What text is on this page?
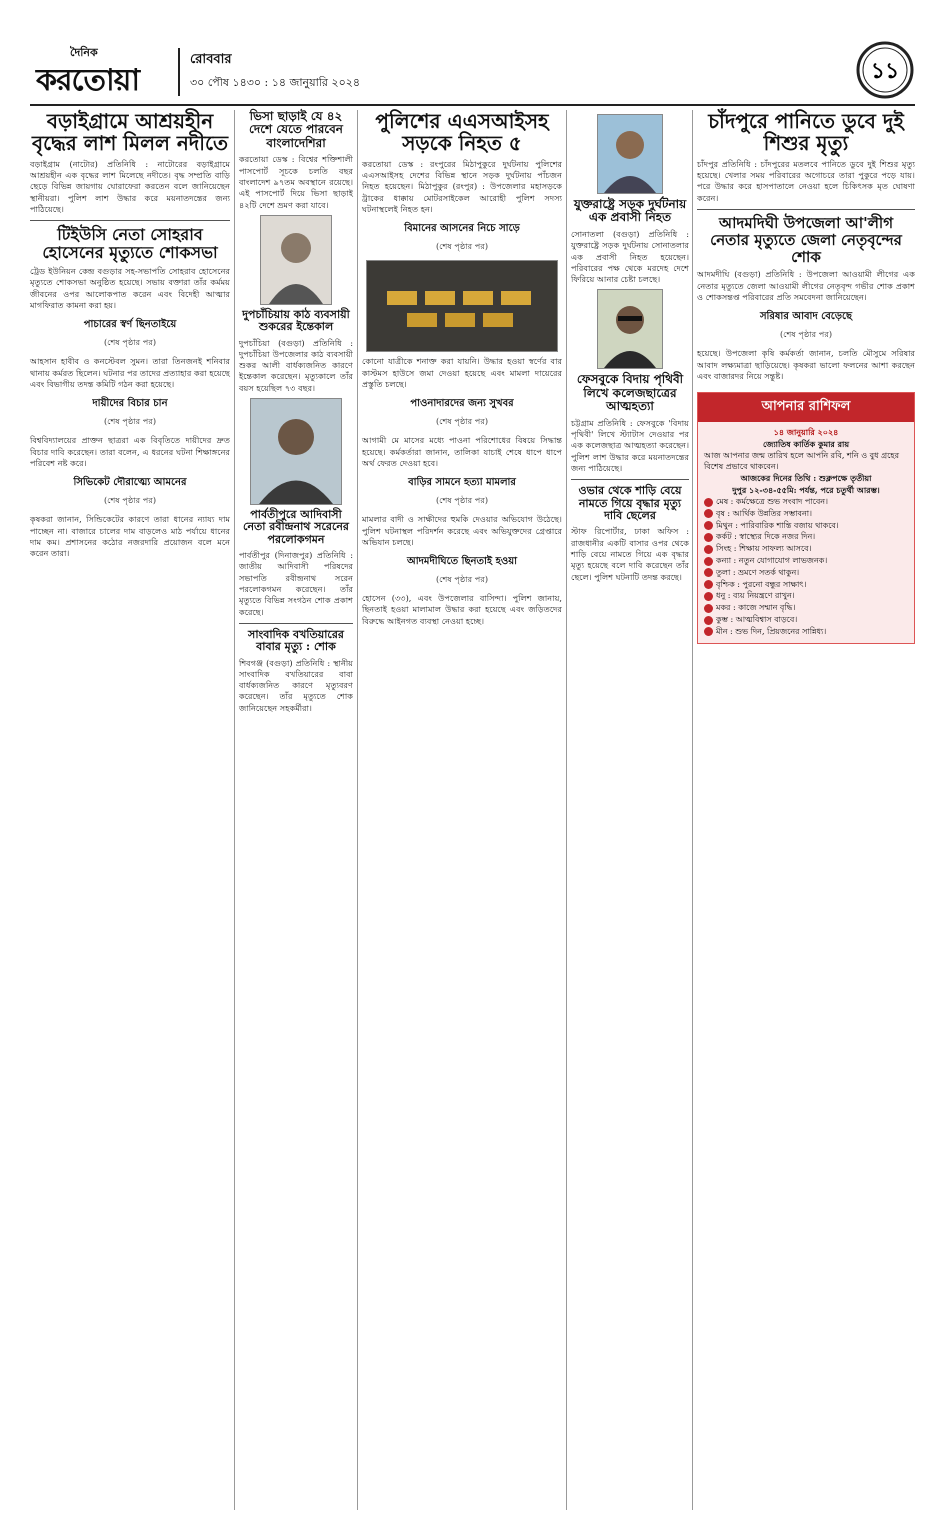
দৈনিক
করতোয়া
রোববার
৩০ পৌষ ১৪৩০ : ১৪ জানুয়ারি ২০২৪	১১
বড়াইগ্রামে আশ্রয়হীন বৃদ্ধের লাশ মিলল নদীতে

বড়াইগ্রাম (নাটোর) প্রতিনিধি : নাটোরের বড়াইগ্রামে আশ্রয়হীন এক বৃদ্ধের লাশ মিলেছে নদীতে। বৃদ্ধ সম্প্রতি বাড়ি ছেড়ে বিভিন্ন জায়গায় ঘোরাফেরা করতেন বলে জানিয়েছেন স্থানীয়রা। পুলিশ লাশ উদ্ধার করে ময়নাতদন্তের জন্য পাঠিয়েছে।

টিইউসি নেতা সোহরাব হোসেনের মৃত্যুতে শোকসভা

ট্রেড ইউনিয়ন কেন্দ্র বগুড়ার সহ-সভাপতি সোহরাব হোসেনের মৃত্যুতে শোকসভা অনুষ্ঠিত হয়েছে। সভায় বক্তারা তাঁর কর্মময় জীবনের ওপর আলোকপাত করেন এবং বিদেহী আত্মার মাগফিরাত কামনা করা হয়।

পাচারের স্বর্ণ ছিনতাইয়ে
(শেষ পৃষ্ঠার পর)

আহসান হাবীব ও কনস্টেবল সুমন। তারা তিনজনই শনিবার থানায় কর্মরত ছিলেন। ঘটনার পর তাদের প্রত্যাহার করা হয়েছে এবং বিভাগীয় তদন্ত কমিটি গঠন করা হয়েছে।

দায়ীদের বিচার চান
(শেষ পৃষ্ঠার পর)

বিশ্ববিদ্যালয়ের প্রাক্তন ছাত্ররা এক বিবৃতিতে দায়ীদের দ্রুত বিচার দাবি করেছেন। তারা বলেন, এ ধরনের ঘটনা শিক্ষাঙ্গনের পরিবেশ নষ্ট করে।

সিভিকেট দৌরাত্ম্যে আমনের
(শেষ পৃষ্ঠার পর)

কৃষকরা জানান, সিন্ডিকেটের কারণে তারা ধানের ন্যায্য দাম পাচ্ছেন না। বাজারে চালের দাম বাড়লেও মাঠ পর্যায়ে ধানের দাম কম। প্রশাসনের কঠোর নজরদারি প্রয়োজন বলে মনে করেন তারা।

ভিসা ছাড়াই যে ৪২ দেশে যেতে পারবেন বাংলাদেশিরা

করতোয়া ডেস্ক : বিশ্বের শক্তিশালী পাসপোর্ট সূচকে চলতি বছর বাংলাদেশ ৯৭তম অবস্থানে রয়েছে। এই পাসপোর্ট দিয়ে ভিসা ছাড়াই ৪২টি দেশে ভ্রমণ করা যাবে।

দুপচাঁচিয়ায় কাঠ ব্যবসায়ী শুকরের ইন্তেকাল

দুপচাঁচিয়া (বগুড়া) প্রতিনিধি : দুপচাঁচিয়া উপজেলার কাঠ ব্যবসায়ী শুকর আলী বার্ধক্যজনিত কারণে ইন্তেকাল করেছেন। মৃত্যুকালে তাঁর বয়স হয়েছিল ৭৩ বছর।

পার্বতীপুরে আদিবাসী নেতা রবীন্দ্রনাথ সরেনের পরলোকগমন

পার্বতীপুর (দিনাজপুর) প্রতিনিধি : জাতীয় আদিবাসী পরিষদের সভাপতি রবীন্দ্রনাথ সরেন পরলোকগমন করেছেন। তাঁর মৃত্যুতে বিভিন্ন সংগঠন শোক প্রকাশ করেছে।

সাংবাদিক বখতিয়ারের বাবার মৃত্যু : শোক

শিবগঞ্জ (বগুড়া) প্রতিনিধি : স্থানীয় সাংবাদিক বখতিয়ারের বাবা বার্ধক্যজনিত কারণে মৃত্যুবরণ করেছেন। তাঁর মৃত্যুতে শোক জানিয়েছেন সহকর্মীরা।

পুলিশের এএসআইসহ সড়কে নিহত ৫

করতোয়া ডেস্ক : রংপুরের মিঠাপুকুরে দুর্ঘটনায় পুলিশের এএসআইসহ দেশের বিভিন্ন স্থানে সড়ক দুর্ঘটনায় পাঁচজন নিহত হয়েছেন। মিঠাপুকুর (রংপুর) : উপজেলার মহাসড়কে ট্রাকের ধাক্কায় মোটরসাইকেল আরোহী পুলিশ সদস্য ঘটনাস্থলেই নিহত হন।

বিমানের আসনের নিচে সাড়ে
(শেষ পৃষ্ঠার পর)

কোনো যাত্রীকে শনাক্ত করা যায়নি। উদ্ধার হওয়া স্বর্ণের বার কাস্টমস হাউসে জমা দেওয়া হয়েছে এবং মামলা দায়েরের প্রস্তুতি চলছে।

পাওনাদারদের জন্য সুখবর
(শেষ পৃষ্ঠার পর)

আগামী মে মাসের মধ্যে পাওনা পরিশোধের বিষয়ে সিদ্ধান্ত হয়েছে। কর্মকর্তারা জানান, তালিকা যাচাই শেষে ধাপে ধাপে অর্থ ফেরত দেওয়া হবে।

বাড়ির সামনে হত্যা মামলার
(শেষ পৃষ্ঠার পর)

মামলার বাদী ও সাক্ষীদের হুমকি দেওয়ার অভিযোগ উঠেছে। পুলিশ ঘটনাস্থল পরিদর্শন করেছে এবং অভিযুক্তদের গ্রেপ্তারে অভিযান চলছে।

আদমদীঘিতে ছিনতাই হওয়া
(শেষ পৃষ্ঠার পর)

হোসেন (৩৩), এবং উপজেলার বাসিন্দা। পুলিশ জানায়, ছিনতাই হওয়া মালামাল উদ্ধার করা হয়েছে এবং জড়িতদের বিরুদ্ধে আইনগত ব্যবস্থা নেওয়া হচ্ছে।

যুক্তরাষ্ট্রে সড়ক দুর্ঘটনায় এক প্রবাসী নিহত

সোনাতলা (বগুড়া) প্রতিনিধি : যুক্তরাষ্ট্রে সড়ক দুর্ঘটনায় সোনাতলার এক প্রবাসী নিহত হয়েছেন। পরিবারের পক্ষ থেকে মরদেহ দেশে ফিরিয়ে আনার চেষ্টা চলছে।

ফেসবুকে বিদায় পৃথিবী লিখে কলেজছাত্রের আত্মহত্যা

চট্টগ্রাম প্রতিনিধি : ফেসবুকে 'বিদায় পৃথিবী' লিখে স্ট্যাটাস দেওয়ার পর এক কলেজছাত্র আত্মহত্যা করেছেন। পুলিশ লাশ উদ্ধার করে ময়নাতদন্তের জন্য পাঠিয়েছে।

ওভার থেকে শাড়ি বেয়ে নামতে গিয়ে বৃদ্ধার মৃত্যু দাবি ছেলের

স্টাফ রিপোর্টার, ঢাকা অফিস : রাজধানীর একটি বাসার ওপর থেকে শাড়ি বেয়ে নামতে গিয়ে এক বৃদ্ধার মৃত্যু হয়েছে বলে দাবি করেছেন তাঁর ছেলে। পুলিশ ঘটনাটি তদন্ত করছে।

চাঁদপুরে পানিতে ডুবে দুই শিশুর মৃত্যু

চাঁদপুর প্রতিনিধি : চাঁদপুরের মতলবে পানিতে ডুবে দুই শিশুর মৃত্যু হয়েছে। খেলার সময় পরিবারের অগোচরে তারা পুকুরে পড়ে যায়। পরে উদ্ধার করে হাসপাতালে নেওয়া হলে চিকিৎসক মৃত ঘোষণা করেন।

আদমদিঘী উপজেলা আ'লীগ নেতার মৃত্যুতে জেলা নেতৃবৃন্দের শোক

আদমদীঘি (বগুড়া) প্রতিনিধি : উপজেলা আওয়ামী লীগের এক নেতার মৃত্যুতে জেলা আওয়ামী লীগের নেতৃবৃন্দ গভীর শোক প্রকাশ ও শোকসন্তপ্ত পরিবারের প্রতি সমবেদনা জানিয়েছেন।

সরিষার আবাদ বেড়েছে
(শেষ পৃষ্ঠার পর)

হয়েছে। উপজেলা কৃষি কর্মকর্তা জানান, চলতি মৌসুমে সরিষার আবাদ লক্ষ্যমাত্রা ছাড়িয়েছে। কৃষকরা ভালো ফলনের আশা করছেন এবং বাজারদর নিয়ে সন্তুষ্ট।

আপনার রাশিফল
১৪ জানুয়ারি ২০২৪
জ্যোতিষ কার্তিক কুমার রায়
আজ আপনার জন্ম তারিখ হলে আপনি রবি, শনি ও বুধ গ্রহের বিশেষ প্রভাবে থাকবেন।
আজকের দিনের তিথি : শুক্লপক্ষে তৃতীয়া
দুপুর ১২-৩৪-৫৫মি: পর্যন্ত, পরে চতুর্থী আরম্ভ।
মেষ : কর্মক্ষেত্রে শুভ সংবাদ পাবেন।
বৃষ : আর্থিক উন্নতির সম্ভাবনা।
মিথুন : পারিবারিক শান্তি বজায় থাকবে।
কর্কট : স্বাস্থ্যের দিকে নজর দিন।
সিংহ : শিক্ষায় সাফল্য আসবে।
কন্যা : নতুন যোগাযোগ লাভজনক।
তুলা : ভ্রমণে সতর্ক থাকুন।
বৃশ্চিক : পুরনো বন্ধুর সাক্ষাৎ।
ধনু : ব্যয় নিয়ন্ত্রণে রাখুন।
মকর : কাজে সম্মান বৃদ্ধি।
কুম্ভ : আত্মবিশ্বাস বাড়বে।
মীন : শুভ দিন, প্রিয়জনের সান্নিধ্য।
